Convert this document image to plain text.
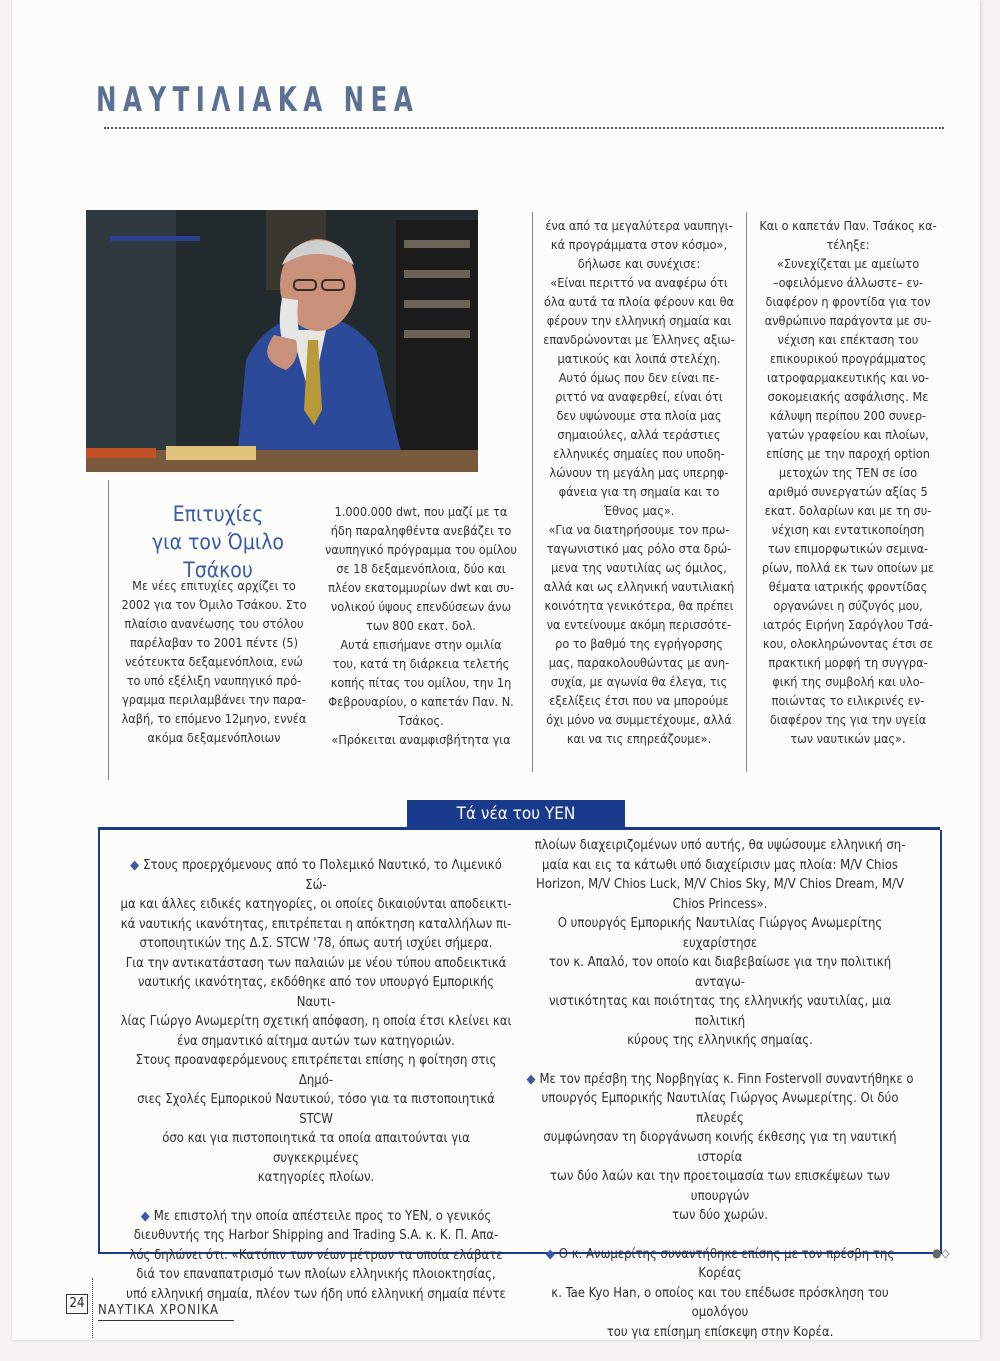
ΝΑΥΤΙΛΙΑΚΑ ΝΕΑ
Επιτυχίες
για τον Όμιλο Τσάκου

Με νέες επιτυχίες αρχίζει το

2002 για τον Όμιλο Τσάκου. Στο

πλαίσιο ανανέωσης του στόλου

παρέλαβαν το 2001 πέντε (5)

νεότευκτα δεξαμενόπλοια, ενώ

το υπό εξέλιξη ναυπηγικό πρό-

γραμμα περιλαμβάνει την παρα-

λαβή, το επόμενο 12μηνο, εννέα

ακόμα δεξαμενόπλοιων

1.000.000 dwt, που μαζί με τα

ήδη παραληφθέντα ανεβάζει το

ναυπηγικό πρόγραμμα του ομίλου

σε 18 δεξαμενόπλοια, δύο και

πλέον εκατομμυρίων dwt και συ-

νολικού ύψους επενδύσεων άνω

των 800 εκατ. δολ.

Αυτά επισήμανε στην ομιλία

του, κατά τη διάρκεια τελετής

κοπής πίτας του ομίλου, την 1η

Φεβρουαρίου, ο καπετάν Παν. Ν.

Τσάκος.

«Πρόκειται αναμφισβήτητα για

ένα από τα μεγαλύτερα ναυπηγι-

κά προγράμματα στον κόσμο»,

δήλωσε και συνέχισε:

«Είναι περιττό να αναφέρω ότι

όλα αυτά τα πλοία φέρουν και θα

φέρουν την ελληνική σημαία και

επανδρώνονται με Έλληνες αξιω-

ματικούς και λοιπά στελέχη.

Αυτό όμως που δεν είναι πε-

ριττό να αναφερθεί, είναι ότι

δεν υψώνουμε στα πλοία μας

σημαιούλες, αλλά τεράστιες

ελληνικές σημαίες που υποδη-

λώνουν τη μεγάλη μας υπερηφ-

φάνεια για τη σημαία και το

Έθνος μας».

«Για να διατηρήσουμε τον πρω-

ταγωνιστικό μας ρόλο στα δρώ-

μενα της ναυτιλίας ως όμιλος,

αλλά και ως ελληνική ναυτιλιακή

κοινότητα γενικότερα, θα πρέπει

να εντείνουμε ακόμη περισσότε-

ρο το βαθμό της εγρήγορσης

μας, παρακολουθώντας με ανη-

συχία, με αγωνία θα έλεγα, τις

εξελίξεις έτσι που να μπορούμε

όχι μόνο να συμμετέχουμε, αλλά

και να τις επηρεάζουμε».

Και ο καπετάν Παν. Τσάκος κα-

τέληξε:

«Συνεχίζεται με αμείωτο

–οφειλόμενο άλλωστε– εν-

διαφέρον η φροντίδα για τον

ανθρώπινο παράγοντα με συ-

νέχιση και επέκταση του

επικουρικού προγράμματος

ιατροφαρμακευτικής και νο-

σοκομειακής ασφάλισης. Με

κάλυψη περίπου 200 συνερ-

γατών γραφείου και πλοίων,

επίσης με την παροχή option

μετοχών της ΤΕΝ σε ίσο

αριθμό συνεργατών αξίας 5

εκατ. δολαρίων και με τη συ-

νέχιση και εντατικοποίηση

των επιμορφωτικών σεμινα-

ρίων, πολλά εκ των οποίων με

θέματα ιατρικής φροντίδας

οργανώνει η σύζυγός μου,

ιατρός Ειρήνη Σαρόγλου Τσά-

κου, ολοκληρώνοντας έτσι σε

πρακτική μορφή τη συγγρα-

φική της συμβολή και υλο-

ποιώντας το ειλικρινές εν-

διαφέρον της για την υγεία

των ναυτικών μας».

Τά νέα του ΥΕΝ

◆ Στους προερχόμενους από το Πολεμικό Ναυτικό, το Λιμενικό Σώ-
μα και άλλες ειδικές κατηγορίες, οι οποίες δικαιούνται αποδεικτι-
κά ναυτικής ικανότητας, επιτρέπεται η απόκτηση καταλλήλων πι-
στοποιητικών της Δ.Σ. STCW '78, όπως αυτή ισχύει σήμερα.
Για την αντικατάσταση των παλαιών με νέου τύπου αποδεικτικά
ναυτικής ικανότητας, εκδόθηκε από τον υπουργό Εμπορικής Ναυτι-
λίας Γιώργο Ανωμερίτη σχετική απόφαση, η οποία έτσι κλείνει και
ένα σημαντικό αίτημα αυτών των κατηγοριών.
Στους προαναφερόμενους επιτρέπεται επίσης η φοίτηση στις Δημό-
σιες Σχολές Εμπορικού Ναυτικού, τόσο για τα πιστοποιητικά STCW
όσο και για πιστοποιητικά τα οποία απαιτούνται για συγκεκριμένες
κατηγορίες πλοίων.

◆ Με επιστολή την οποία απέστειλε προς το ΥΕΝ, ο γενικός
διευθυντής της Harbor Shipping and Trading S.A. κ. Κ. Π. Απα-
λός δηλώνει ότι: «Κατόπιν των νέων μέτρων τα οποία ελάβατε
διά τον επαναπατρισμό των πλοίων ελληνικής πλοιοκτησίας,
υπό ελληνική σημαία, πλέον των ήδη υπό ελληνική σημαία πέντε

πλοίων διαχειριζομένων υπό αυτής, θα υψώσουμε ελληνική ση-
μαία και εις τα κάτωθι υπό διαχείρισιν μας πλοία: M/V Chios
Horizon, M/V Chios Luck, M/V Chios Sky, M/V Chios Dream, M/V
Chios Princess».
Ο υπουργός Εμπορικής Ναυτιλίας Γιώργος Ανωμερίτης ευχαρίστησε
τον κ. Απαλό, τον οποίο και διαβεβαίωσε για την πολιτική ανταγω-
νιστικότητας και ποιότητας της ελληνικής ναυτιλίας, μια πολιτική
κύρους της ελληνικής σημαίας.

◆ Με τον πρέσβη της Νορβηγίας κ. Finn Fostervoll συναντήθηκε ο
υπουργός Εμπορικής Ναυτιλίας Γιώργος Ανωμερίτης. Οι δύο πλευρές
συμφώνησαν τη διοργάνωση κοινής έκθεσης για τη ναυτική ιστορία
των δύο λαών και την προετοιμασία των επισκέψεων των υπουργών
των δύο χωρών.

◆ Ο κ. Ανωμερίτης συναντήθηκε επίσης με τον πρέσβη της Κορέας
κ. Tae Kyo Han, ο οποίος και του επέδωσε πρόσκληση του ομολόγου
του για επίσημη επίσκεψη στην Κορέα.

●◇
24 ΝΑΥΤΙΚΑ ΧΡΟΝΙΚΑ
